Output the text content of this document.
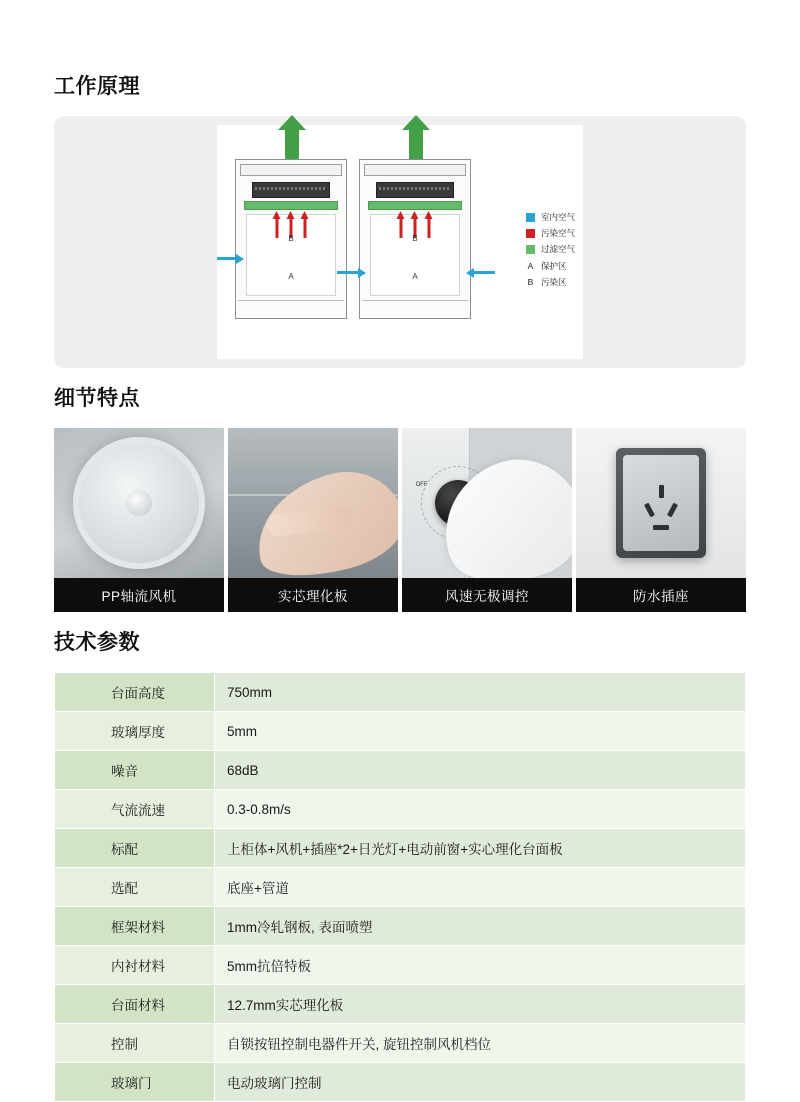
工作原理
B
A
B
A
室内空气
污染空气
过滤空气
A 保护区
B 污染区
细节特点
PP轴流风机	实芯理化板
OFF
风速无极调控	防水插座
技术参数
台面高度	750mm
玻璃厚度	5mm
噪音	68dB
气流流速	0.3-0.8m/s
标配	上柜体+风机+插座*2+日光灯+电动前窗+实心理化台面板
选配	底座+管道
框架材料	1mm冷轧钢板, 表面喷塑
内衬材料	5mm抗倍特板
台面材料	12.7mm实芯理化板
控制	自锁按钮控制电器件开关, 旋钮控制风机档位
玻璃门	电动玻璃门控制
